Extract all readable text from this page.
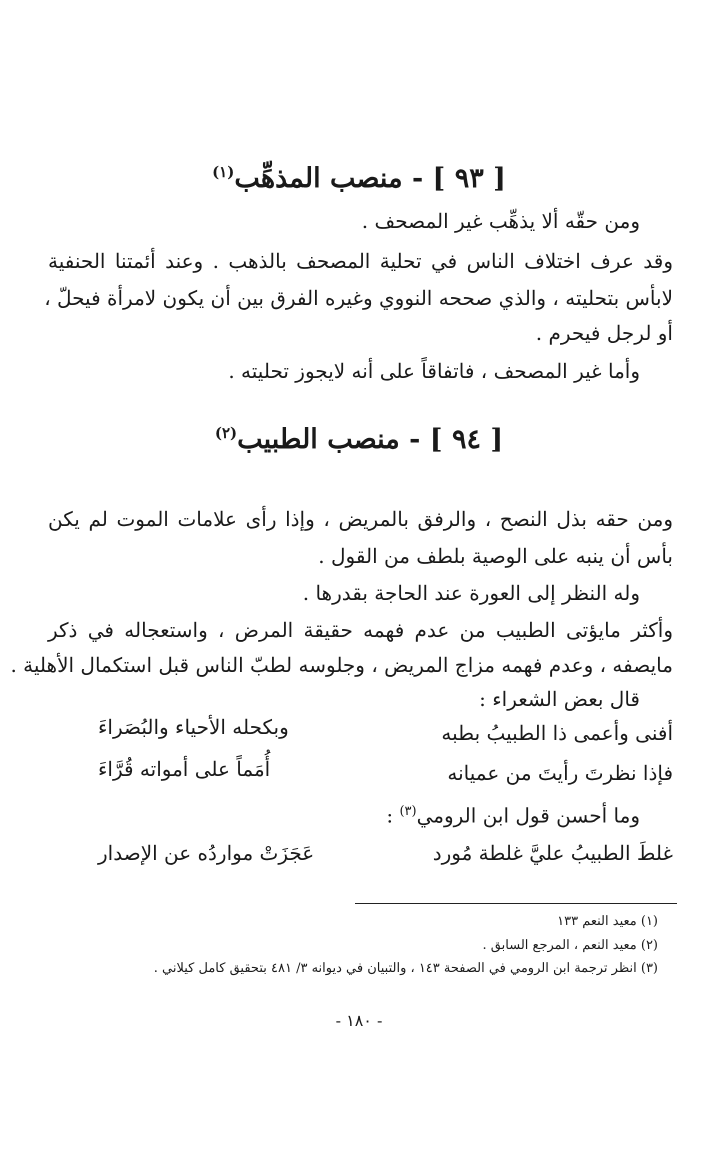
[ ٩٣ ] - منصب المذهِّب$^{(١)}$
ومن حقّه ألا يذهِّب غير المصحف .
وقد عرف اختلاف الناس في تحلية المصحف بالذهب . وعند أئمتنا الحنفية
لابأس بتحليته ، والذي صححه النووي وغيره الفرق بين أن يكون لامرأة فيحلّ ،
أو لرجل فيحرم .
وأما غير المصحف ، فاتفاقاً على أنه لايجوز تحليته .
[ ٩٤ ] - منصب الطبيب$^{(٢)}$
ومن حقه بذل النصح ، والرفق بالمريض ، وإذا رأى علامات الموت لم يكن
بأس أن ينبه على الوصية بلطف من القول .
وله النظر إلى العورة عند الحاجة بقدرها .
وأكثر مايؤتى الطبيب من عدم فهمه حقيقة المرض ، واستعجاله في ذكر
مايصفه ، وعدم فهمه مزاج المريض ، وجلوسه لطبّ الناس قبل استكمال الأهلية .
قال بعض الشعراء :
أفنى وأعمى ذا الطبيبُ بطبه
وبكحله الأحياء والبُصَراءَ
فإذا نظرتَ رأيتَ من عميانه
أُمَماً على أمواته قُرَّاءَ
وما أحسن قول ابن الرومي$^{(٣)}$ :
غلطَ الطبيبُ عليَّ غلطة مُورد
عَجَزَتْ مواردُه عن الإصدار
(١) معيد النعم ١٣٣
(٢) معيد النعم ، المرجع السابق .
(٣) انظر ترجمة ابن الرومي في الصفحة ١٤٣ ، والتبيان في ديوانه ٣/ ٤٨١ بتحقيق كامل كيلاني .
- ١٨٠ -
